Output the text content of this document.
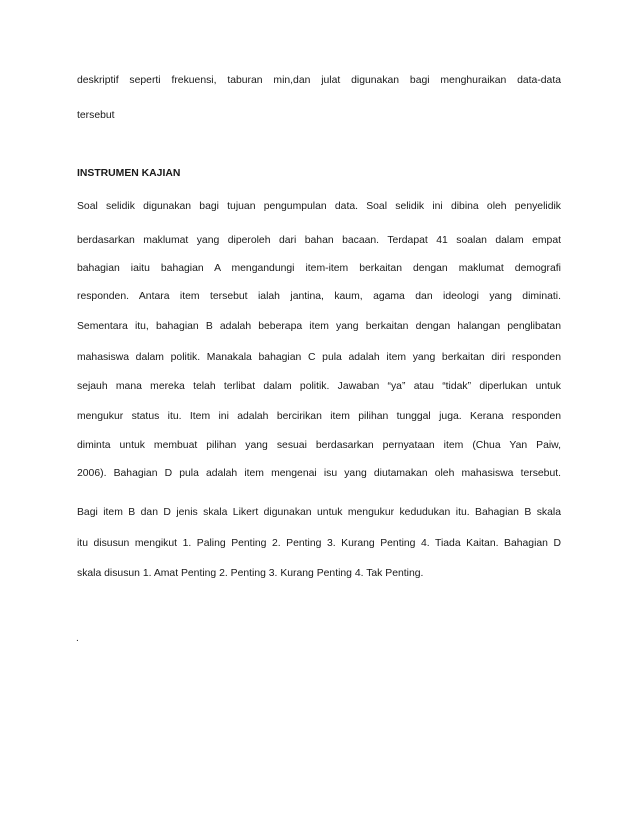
deskriptif seperti frekuensi, taburan min,dan julat digunakan bagi menghuraikan data-data
tersebut
INSTRUMEN KAJIAN
Soal selidik digunakan bagi tujuan pengumpulan data. Soal selidik ini dibina oleh penyelidik
berdasarkan maklumat yang diperoleh dari bahan bacaan. Terdapat 41 soalan dalam empat
bahagian iaitu bahagian A mengandungi item-item berkaitan dengan maklumat demografi
responden. Antara item tersebut ialah jantina, kaum, agama dan ideologi yang diminati.
Sementara itu, bahagian B adalah beberapa item yang berkaitan dengan halangan penglibatan
mahasiswa dalam politik. Manakala bahagian C pula adalah item yang berkaitan diri responden
sejauh mana mereka telah terlibat dalam politik. Jawaban “ya” atau “tidak” diperlukan untuk
mengukur status itu. Item ini adalah bercirikan item pilihan tunggal juga. Kerana responden
diminta untuk membuat pilihan yang sesuai berdasarkan pernyataan item (Chua Yan Paiw,
2006). Bahagian D pula adalah item mengenai isu yang diutamakan oleh mahasiswa tersebut.
Bagi item B dan D jenis skala Likert digunakan untuk mengukur kedudukan itu. Bahagian B skala
itu disusun mengikut 1. Paling Penting 2. Penting 3. Kurang Penting 4. Tiada Kaitan. Bahagian D
skala disusun 1. Amat Penting 2. Penting 3. Kurang Penting 4. Tak Penting.
.
